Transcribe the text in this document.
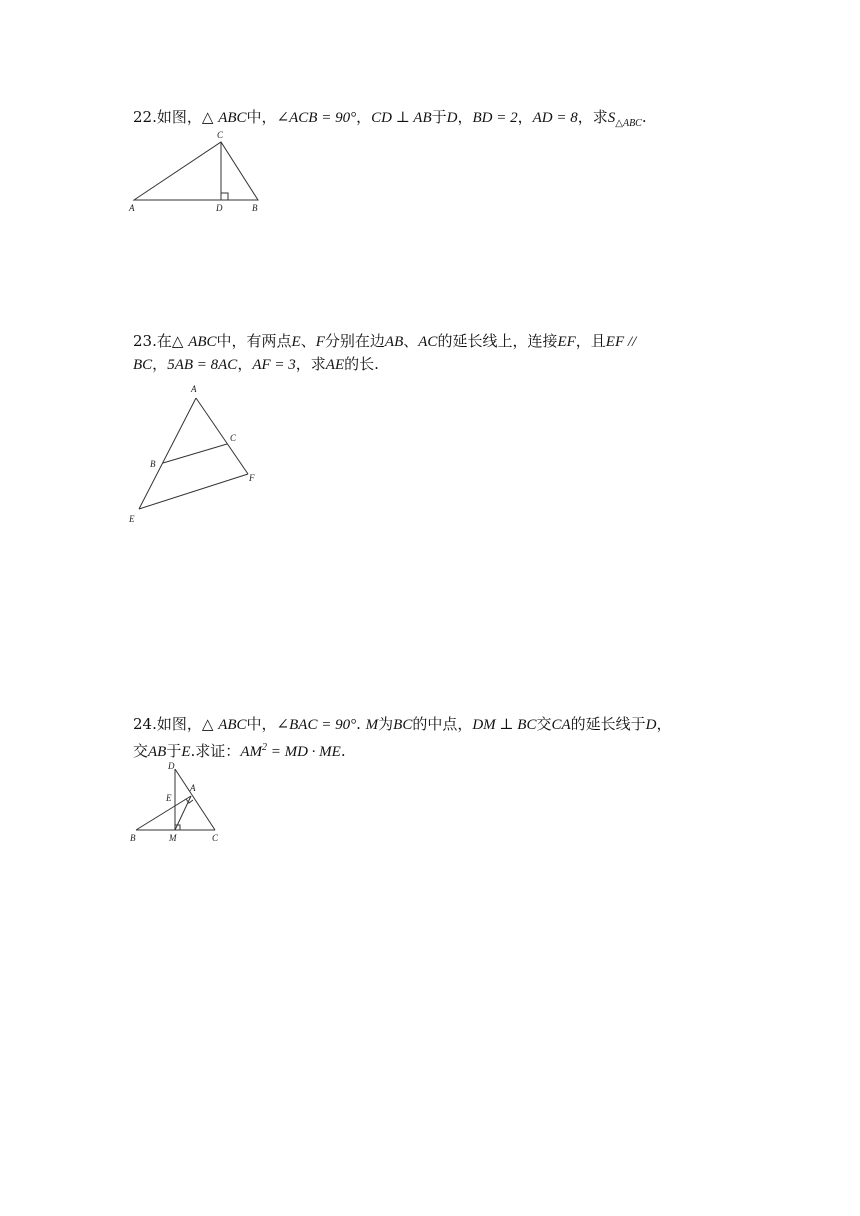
22.如图，△ ABC中，∠ACB = 90°，CD ⊥ AB于D，BD = 2，AD = 8，求$S_{\triangle ABC}$.
C
A	D	B
23.在△ ABC中，有两点E、F分别在边AB、AC的延长线上，连接EF，且EF //
BC，5AB = 8AC，AF = 3，求AE的长.
A
B
C
E
F
24.如图，△ ABC中，∠BAC = 90°. M为BC的中点，DM ⊥ BC交CA的延长线于D，
交AB于E.求证：$AM^2$ = MD · ME.
D
A
E
B	M	C
